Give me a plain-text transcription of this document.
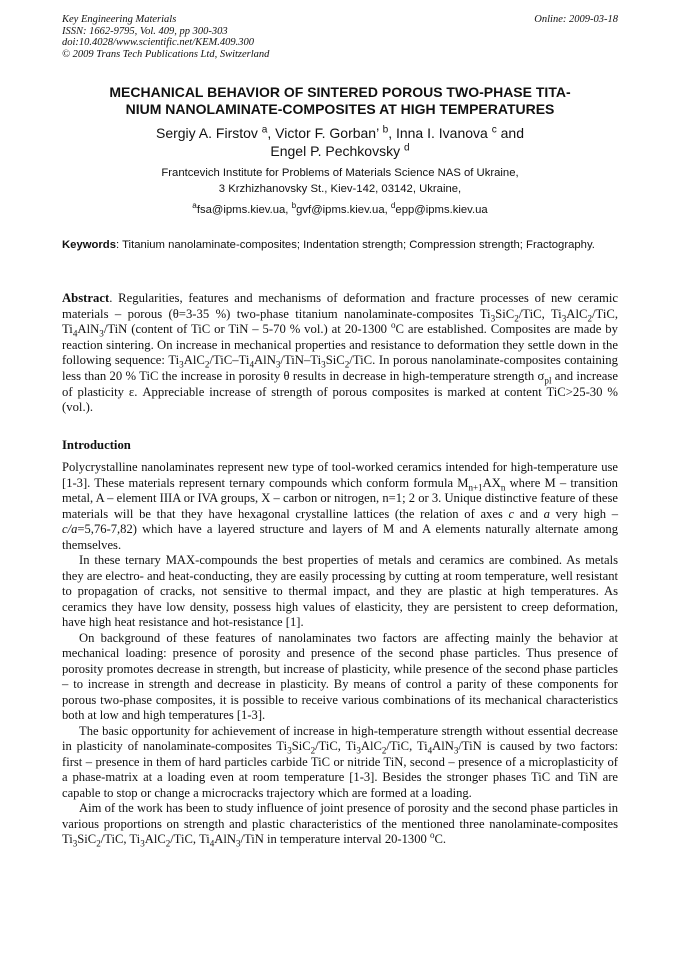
Key Engineering Materials
ISSN: 1662-9795, Vol. 409, pp 300-303
doi:10.4028/www.scientific.net/KEM.409.300
© 2009 Trans Tech Publications Ltd, Switzerland
Online: 2009-03-18
MECHANICAL BEHAVIOR OF SINTERED POROUS TWO-PHASE TITA-
NIUM NANOLAMINATE-COMPOSITES AT HIGH TEMPERATURES
Sergiy A. Firstov $^a$, Victor F. Gorban’ $^b$, Inna I. Ivanova $^c$ and
Engel P. Pechkovsky $^d$
Frantcevich Institute for Problems of Materials Science NAS of Ukraine,
3 Krzhizhanovsky St., Kiev-142, 03142, Ukraine,
$^a$fsa@ipms.kiev.ua, $^b$gvf@ipms.kiev.ua, $^d$epp@ipms.kiev.ua
Keywords: Titanium nanolaminate-composites; Indentation strength; Compression strength; Fractography.
Abstract. Regularities, features and mechanisms of deformation and fracture processes of new ceramic materials – porous (θ=3-35 %) two-phase titanium nanolaminate-composites $Ti_3SiC_2$/TiC, $Ti_3AlC_2$/TiC, $Ti_4AlN_3$/TiN (content of TiC or TiN – 5-70 % vol.) at 20-1300 $^o$C are established. Composites are made by reaction sintering. On increase in mechanical properties and resistance to deformation they settle down in the following sequence: $Ti_3AlC_2/TiC-Ti_4AlN_3/TiN-Ti_3SiC_2$/TiC. In porous nanolaminate-composites containing less than 20 % TiC the increase in porosity θ results in decrease in high-temperature strength $\sigma_{pl}$ and increase of plasticity ε. Appreciable increase of strength of porous composites is marked at content TiC>25-30 % (vol.).
Introduction

Polycrystalline nanolaminates represent new type of tool-worked ceramics intended for high-temperature use [1-3]. These materials represent ternary compounds which conform formula $M_{n+1}AX_n$ where M – transition metal, A – element IIIA or IVA groups, X – carbon or nitrogen, n=1; 2 or 3. Unique distinctive feature of these materials will be that they have hexagonal crystalline lattices (the relation of axes c and a very high – c/a=5,76-7,82) which have a layered structure and layers of M and A elements naturally alternate among themselves.

In these ternary MAX-compounds the best properties of metals and ceramics are combined. As metals they are electro- and heat-conducting, they are easily processing by cutting at room temperature, well resistant to propagation of cracks, not sensitive to thermal impact, and they are plastic at high temperatures. As ceramics they have low density, possess high values of elasticity, they are persistent to creep deformation, have high heat resistance and hot-resistance [1].

On background of these features of nanolaminates two factors are affecting mainly the behavior at mechanical loading: presence of porosity and presence of the second phase particles. Thus presence of porosity promotes decrease in strength, but increase of plasticity, while presence of the second phase particles – to increase in strength and decrease in plasticity. By means of control a parity of these components for porous two-phase composites, it is possible to receive various combinations of its mechanical characteristics both at low and high temperatures [1-3].

The basic opportunity for achievement of increase in high-temperature strength without essential decrease in plasticity of nanolaminate-composites $Ti_3SiC_2$/TiC, $Ti_3AlC_2$/TiC, $Ti_4AlN_3$/TiN is caused by two factors: first – presence in them of hard particles carbide TiC or nitride TiN, second – presence of a microplasticity of a phase-matrix at a loading even at room temperature [1-3]. Besides the stronger phases TiC and TiN are capable to stop or change a microcracks trajectory which are formed at a loading.

Aim of the work has been to study influence of joint presence of porosity and the second phase particles in various proportions on strength and plastic characteristics of the mentioned three nanolaminate-composites $Ti_3SiC_2$/TiC, $Ti_3AlC_2$/TiC, $Ti_4AlN_3$/TiN in temperature interval 20-1300 $^o$C.
